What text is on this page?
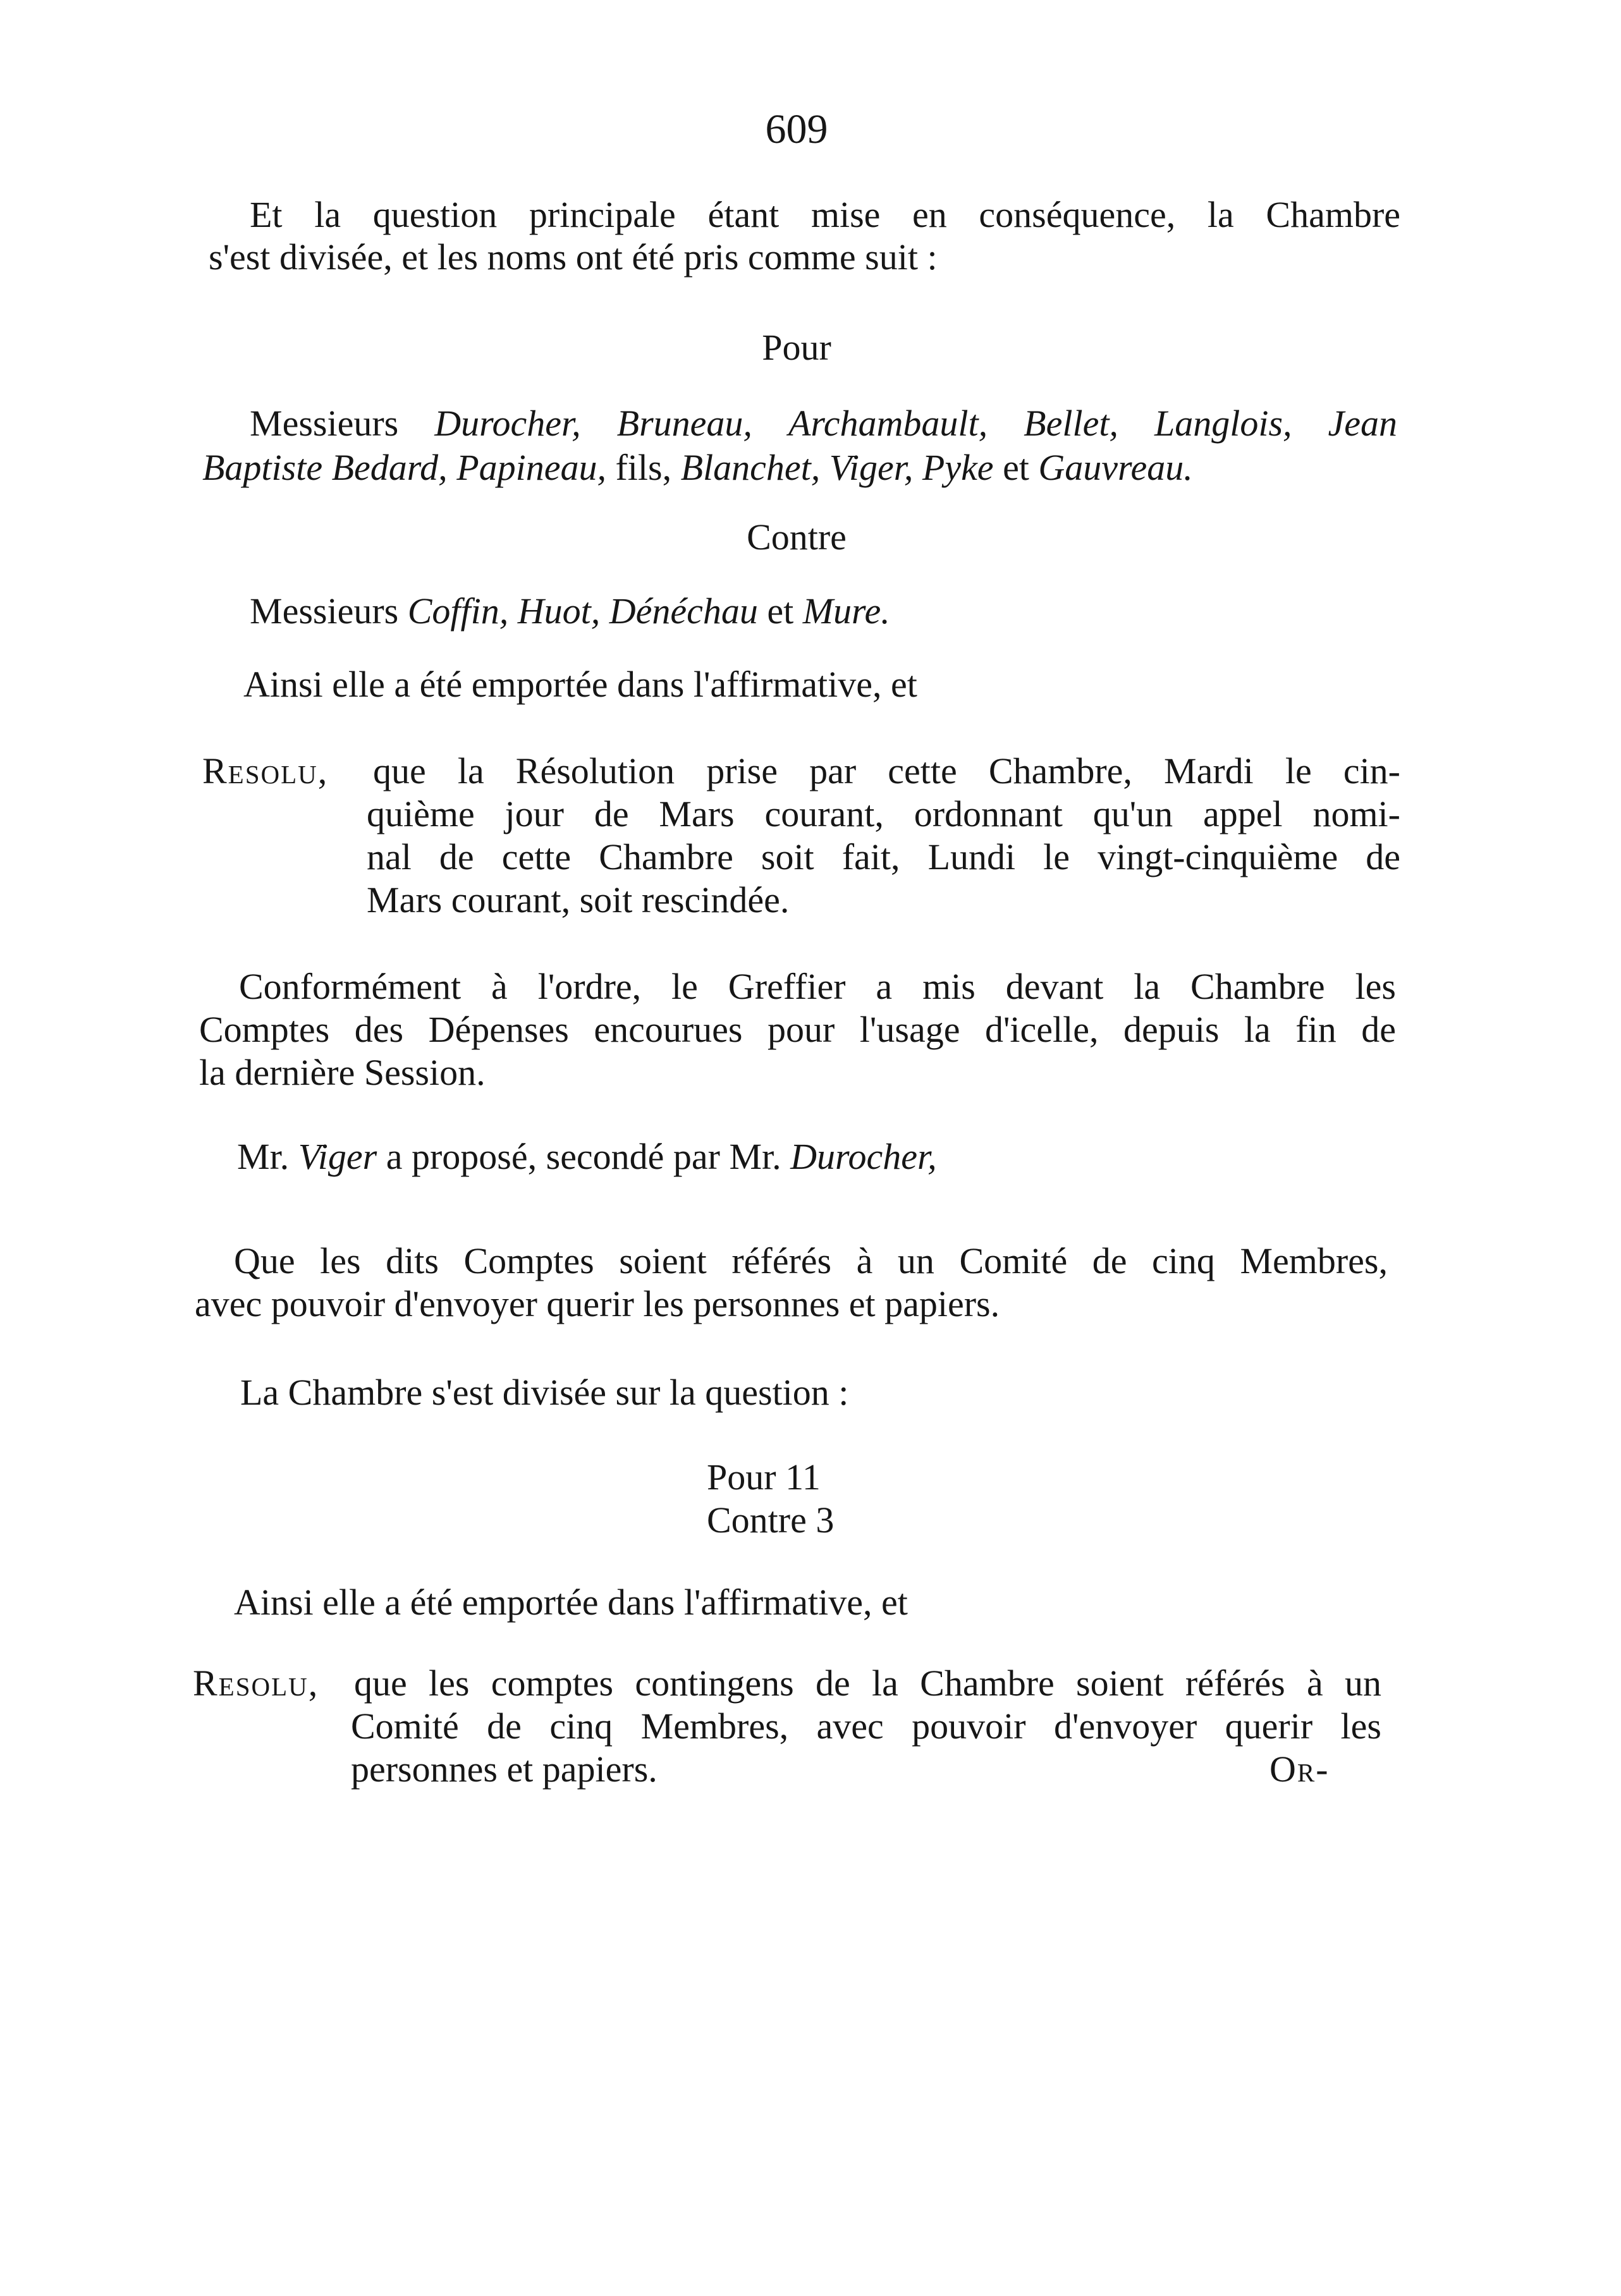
609
Et la question principale étant mise en conséquence, la Chambre
s'est divisée, et les noms ont été pris comme suit :
Pour
Messieurs Durocher, Bruneau, Archambault, Bellet, Langlois, Jean
Baptiste Bedard, Papineau, fils, Blanchet, Viger, Pyke et Gauvreau.
Contre
Messieurs Coffin, Huot, Dénéchau et Mure.
Ainsi elle a été emportée dans l'affirmative, et
Resolu, que la Résolution prise par cette Chambre, Mardi le cin-
quième jour de Mars courant, ordonnant qu'un appel nomi-
nal de cette Chambre soit fait, Lundi le vingt-cinquième de
Mars courant, soit rescindée.
Conformément à l'ordre, le Greffier a mis devant la Chambre les
Comptes des Dépenses encourues pour l'usage d'icelle, depuis la fin de
la dernière Session.
Mr. Viger a proposé, secondé par Mr. Durocher,
Que les dits Comptes soient référés à un Comité de cinq Membres,
avec pouvoir d'envoyer querir les personnes et papiers.
La Chambre s'est divisée sur la question :
Pour 11
Contre 3
Ainsi elle a été emportée dans l'affirmative, et
Resolu, que les comptes contingens de la Chambre soient référés à un
Comité de cinq Membres, avec pouvoir d'envoyer querir les
personnes et papiers.	Or-
